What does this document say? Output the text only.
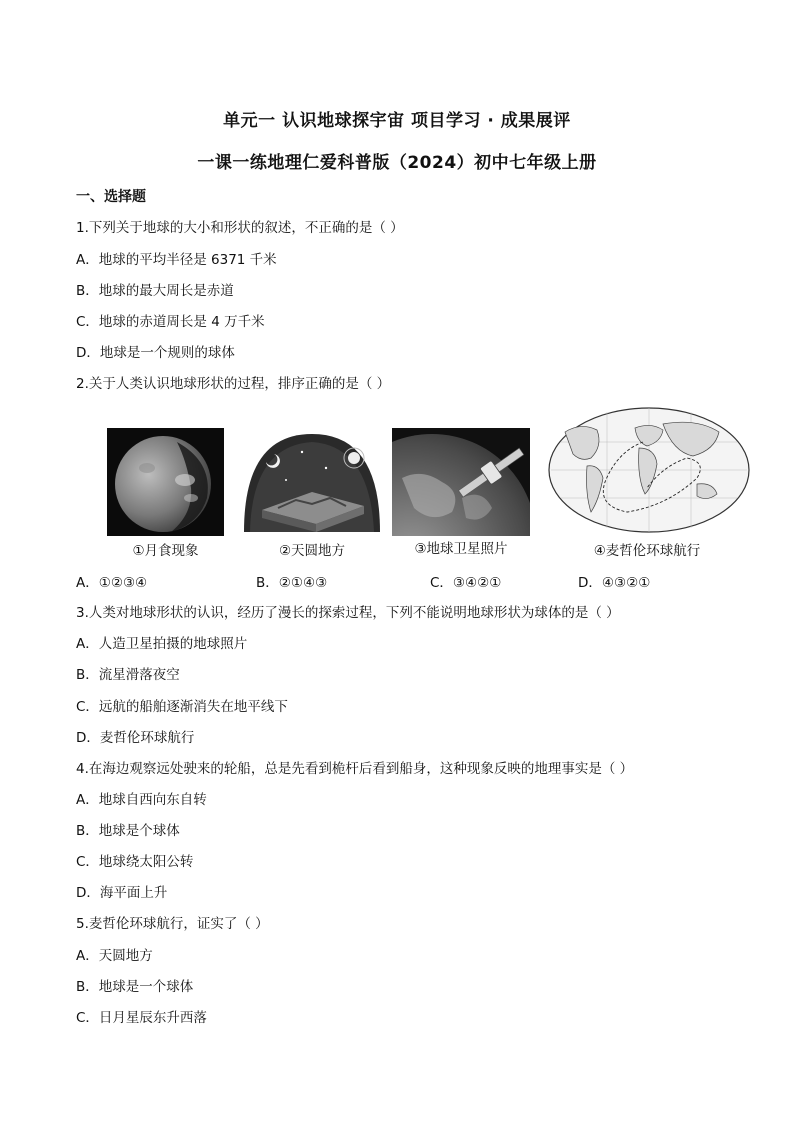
单元一 认识地球探宇宙 项目学习 · 成果展评
一课一练地理仁爱科普版（2024）初中七年级上册
一、选择题
1.下列关于地球的大小和形状的叙述，不正确的是（ ）
A．地球的平均半径是 6371 千米
B．地球的最大周长是赤道
C．地球的赤道周长是 4 万千米
D．地球是一个规则的球体
2.关于人类认识地球形状的过程，排序正确的是（ ）
①月食现象	②天圆地方	③地球卫星照片	④麦哲伦环球航行
A．①②③④	B．②①④③	C．③④②①	D．④③②①
3.人类对地球形状的认识，经历了漫长的探索过程，下列不能说明地球形状为球体的是（ ）
A．人造卫星拍摄的地球照片
B．流星滑落夜空
C．远航的船舶逐渐消失在地平线下
D．麦哲伦环球航行
4.在海边观察远处驶来的轮船，总是先看到桅杆后看到船身，这种现象反映的地理事实是（ ）
A．地球自西向东自转
B．地球是个球体
C．地球绕太阳公转
D．海平面上升
5.麦哲伦环球航行，证实了（ ）
A．天圆地方
B．地球是一个球体
C．日月星辰东升西落
